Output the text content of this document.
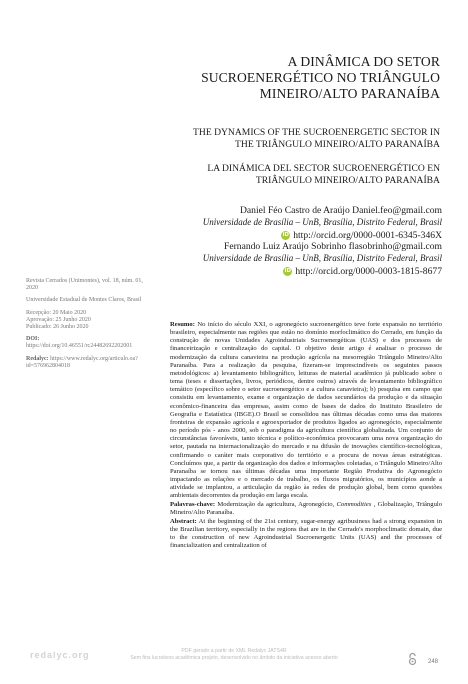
A DINÂMICA DO SETOR SUCROENERGÉTICO NO TRIÂNGULO MINEIRO/ALTO PARANAÍBA

THE DYNAMICS OF THE SUCROENERGETIC SECTOR IN THE TRIÂNGULO MINEIRO/ALTO PARANAÍBA

LA DINÁMICA DEL SECTOR SUCROENERGÉTICO EN TRIÂNGULO MINEIRO/ALTO PARANAÍBA

Daniel Féo Castro de Araújo Daniel.feo@gmail.com
Universidade de Brasília – UnB, Brasília, Distrito Federal, Brasil
iD http://orcid.org/0000-0001-6345-346X
Fernando Luiz Araújo Sobrinho flasobrinho@gmail.com
Universidade de Brasília – UnB, Brasília, Distrito Federal, Brasil
iD http://orcid.org/0000-0003-1815-8677

Revista Cerrados (Unimontes), vol. 18, núm. 01, 2020

Universidade Estadual de Montes Claros, Brasil

Recepção: 20 Maio 2020
Aprovação: 25 Junho 2020
Publicado: 26 Junho 2020

DOI: https://doi.org/10.46551/rc24482692202001

Redalyc: https://www.redalyc.org/articulo.oa?id=576962804018

Resumo: No início do século XXI, o agronegócio sucroenergético teve forte expansão no território brasileiro, especialmente nas regiões que estão no domínio morfoclimático do Cerrado, em função da construção de novas Unidades Agroindustriais Sucroenergéticas (UAS) e dos processos de financeirização e centralização do capital. O objetivo deste artigo é analisar o processo de modernização da cultura canavieira na produção agrícola na mesorregião Triângulo Mineiro/Alto Paranaíba. Para a realização da pesquisa, fizeram-se imprescindíveis os seguintes passos metodológicos: a) levantamento bibliográfico, leituras de material acadêmico já publicado sobre o tema (teses e dissertações, livros, periódicos, dentre outros) através de levantamento bibliográfico temático (específico sobre o setor sucroenergético e a cultura canavieira); b) pesquisa em campo que consistiu em levantamento, exame e organização de dados secundários da produção e da situação econômico-financeira das empresas, assim como de bases de dados do Instituto Brasileiro de Geografia e Estatística (IBGE).O Brasil se consolidou nas últimas décadas como uma das maiores fronteiras de expansão agrícola e agroexportador de produtos ligados ao agronegócio, especialmente no período pós - anos 2000, sob o paradigma da agricultura científica globalizada. Um conjunto de circunstâncias favoráveis, tanto técnica e político-econômica provocaram uma nova organização do setor, pautada na internacionalização do mercado e na difusão de inovações científico-tecnológicas, confirmando o caráter mais corporativo do território e a procura de novas áreas estratégicas. Concluímos que, a partir da organização dos dados e informações coletadas, o Triângulo Mineiro/Alto Paranaíba se tornou nas últimas décadas uma importante Região Produtiva do Agronegócio impactando as relações e o mercado de trabalho, os fluxos migratórios, os municípios aonde a atividade se implantou, a articulação da região às redes de produção global, bem como questões ambientais decorrentes da produção em larga escala.

Palavras-chave: Modernização da agricultura, Agronegócio, Commodities , Globalização, Triângulo Mineiro/Alto Paranaíba.

Abstract: At the beginning of the 21st century, sugar-energy agribusiness had a strong expansion in the Brazilian territory, especially in the regions that are in the Cerrado's morphoclimatic domain, due to the construction of new Agroindustrial Sucroenergetic Units (UAS) and the processes of financialization and centralization of

redalyc.org	PDF gerado a partir de XML Redalyc JATS4R
Sem fins lucrativos acadêmica projeto, desenvolvido no âmbito da iniciativa acesso aberto
248
